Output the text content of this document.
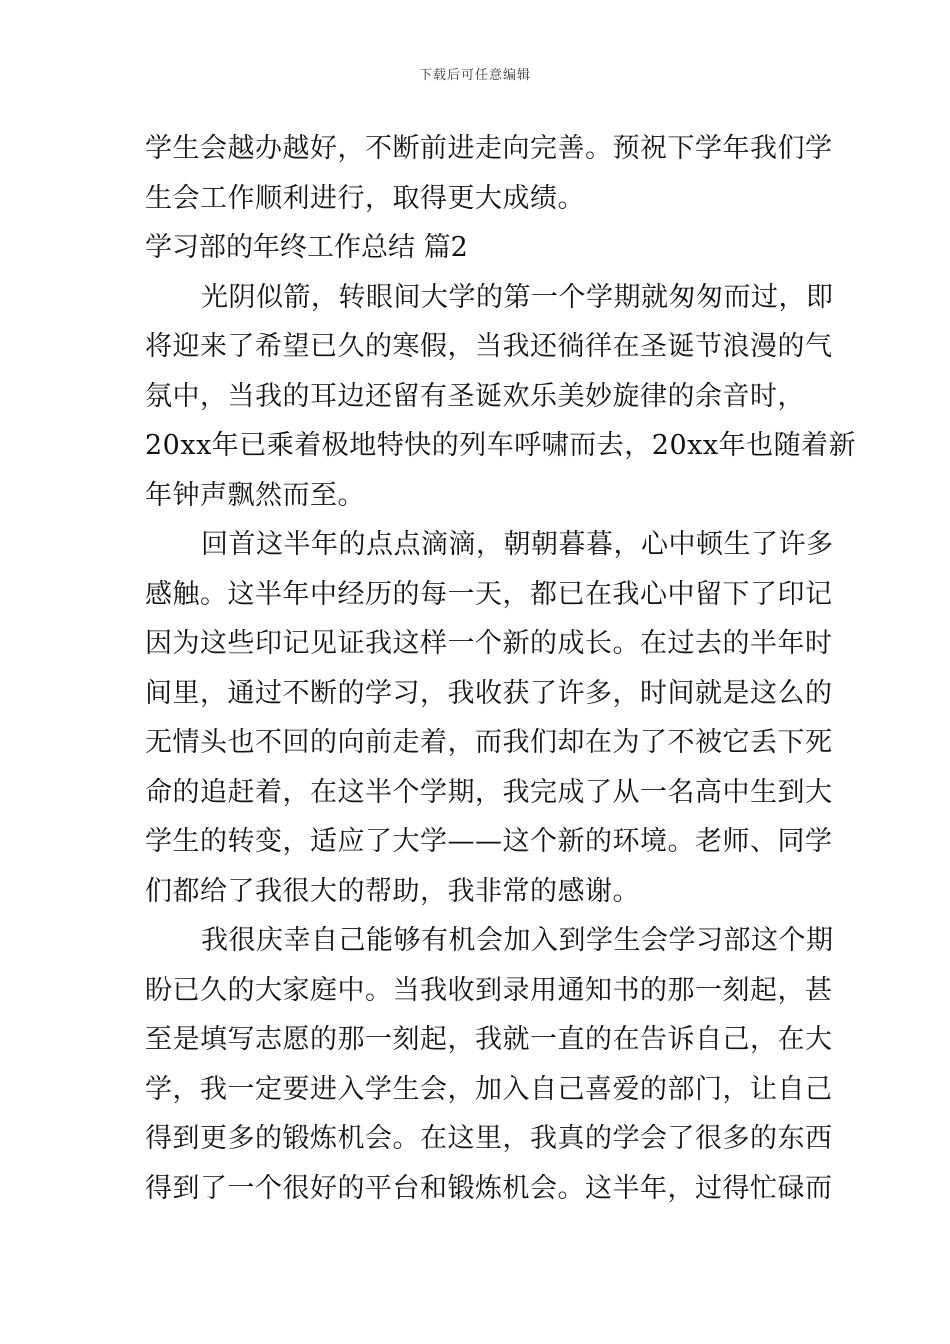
下载后可任意编辑
学生会越办越好，不断前进走向完善。预祝下学年我们学
生会工作顺利进行，取得更大成绩。
学习部的年终工作总结 篇2
光阴似箭，转眼间大学的第一个学期就匆匆而过，即
将迎来了希望已久的寒假，当我还徜徉在圣诞节浪漫的气
氛中，当我的耳边还留有圣诞欢乐美妙旋律的余音时，
20xx年已乘着极地特快的列车呼啸而去，20xx年也随着新
年钟声飘然而至。
回首这半年的点点滴滴，朝朝暮暮，心中顿生了许多
感触。这半年中经历的每一天，都已在我心中留下了印记
因为这些印记见证我这样一个新的成长。在过去的半年时
间里，通过不断的学习，我收获了许多，时间就是这么的
无情头也不回的向前走着，而我们却在为了不被它丢下死
命的追赶着，在这半个学期，我完成了从一名高中生到大
学生的转变，适应了大学——这个新的环境。老师、同学
们都给了我很大的帮助，我非常的感谢。
我很庆幸自己能够有机会加入到学生会学习部这个期
盼已久的大家庭中。当我收到录用通知书的那一刻起，甚
至是填写志愿的那一刻起，我就一直的在告诉自己，在大
学，我一定要进入学生会，加入自己喜爱的部门，让自己
得到更多的锻炼机会。在这里，我真的学会了很多的东西
得到了一个很好的平台和锻炼机会。这半年，过得忙碌而
